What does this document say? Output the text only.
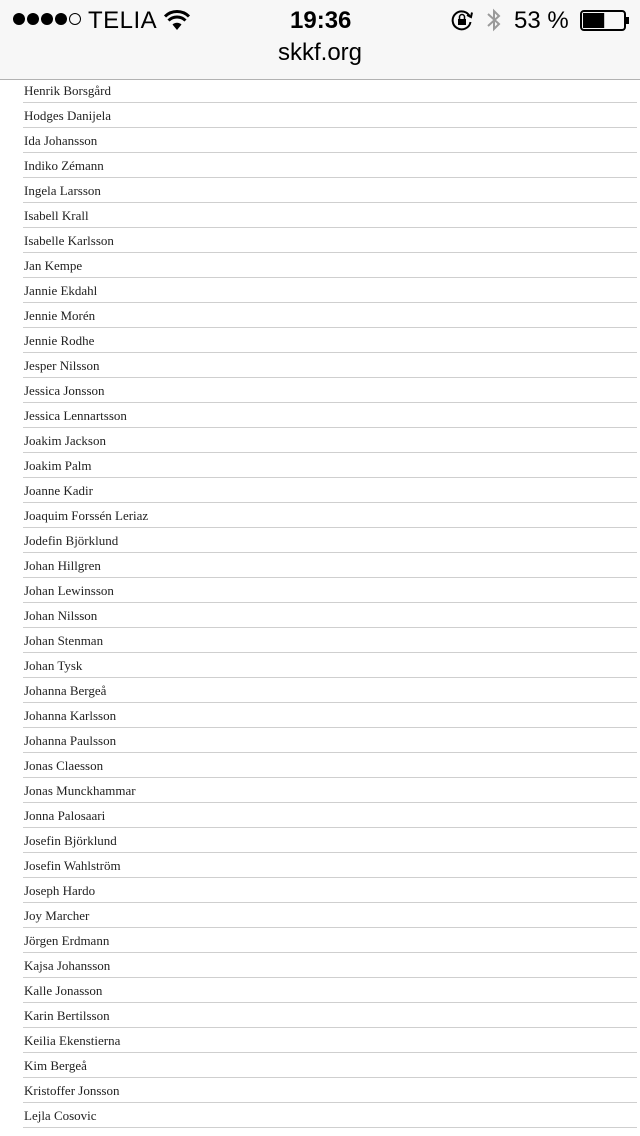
TELIA	19:36	53 %
skkf.org
Henrik Borsgård
Hodges Danijela
Ida Johansson
Indiko Zémann
Ingela Larsson
Isabell Krall
Isabelle Karlsson
Jan Kempe
Jannie Ekdahl
Jennie Morén
Jennie Rodhe
Jesper Nilsson
Jessica Jonsson
Jessica Lennartsson
Joakim Jackson
Joakim Palm
Joanne Kadir
Joaquim Forssén Leriaz
Jodefin Björklund
Johan Hillgren
Johan Lewinsson
Johan Nilsson
Johan Stenman
Johan Tysk
Johanna Bergeå
Johanna Karlsson
Johanna Paulsson
Jonas Claesson
Jonas Munckhammar
Jonna Palosaari
Josefin Björklund
Josefin Wahlström
Joseph Hardo
Joy Marcher
Jörgen Erdmann
Kajsa Johansson
Kalle Jonasson
Karin Bertilsson
Keilia Ekenstierna
Kim Bergeå
Kristoffer Jonsson
Lejla Cosovic
